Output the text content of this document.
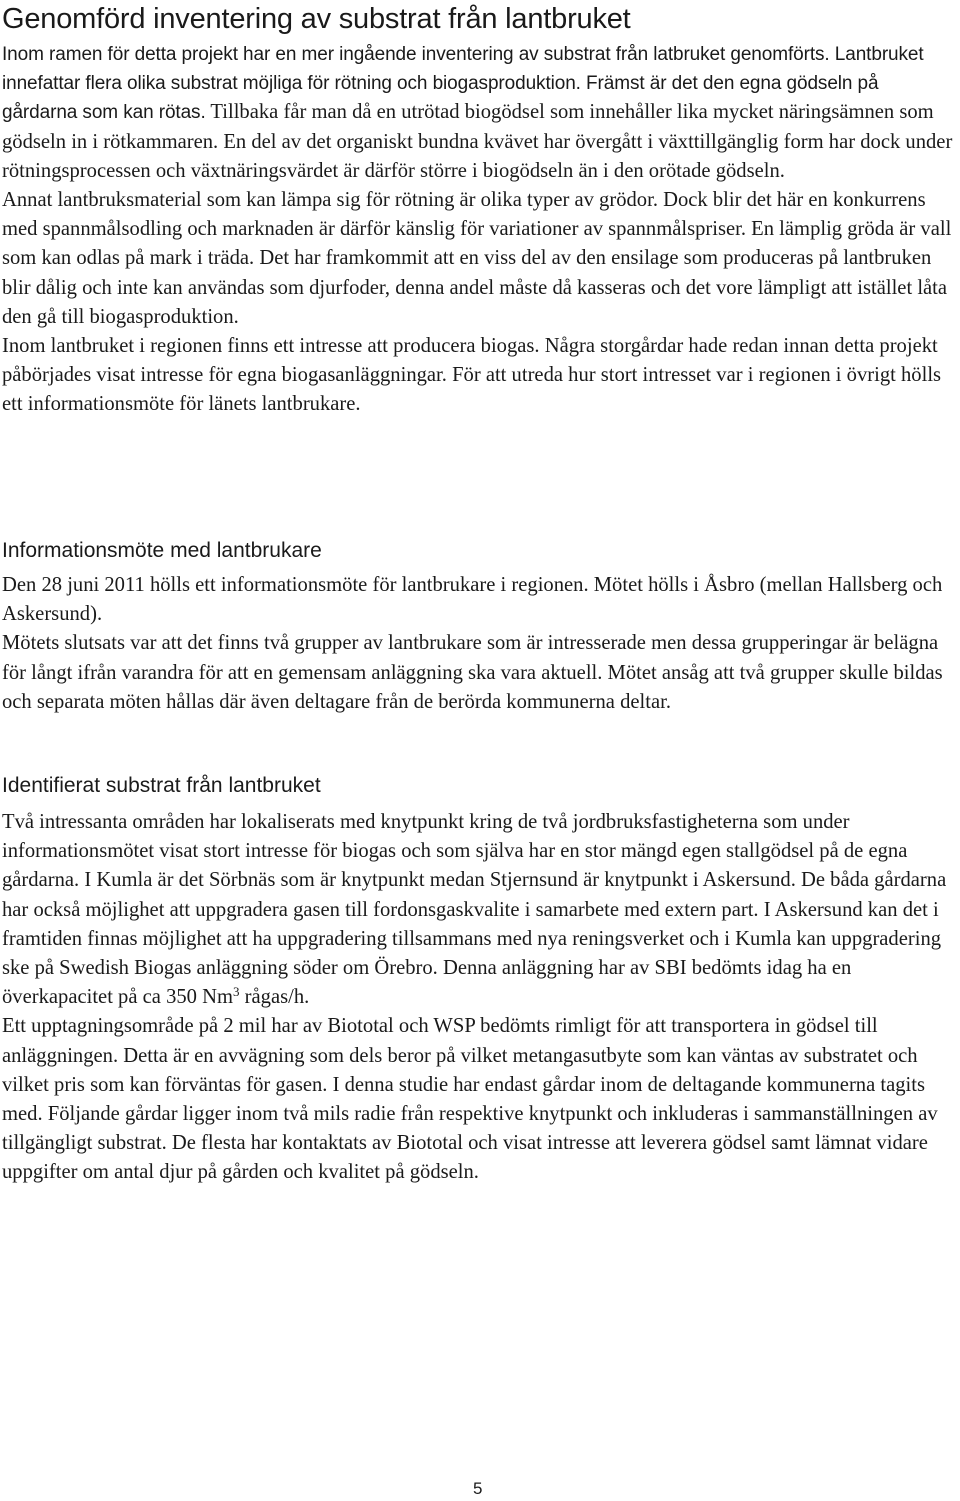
Genomförd inventering av substrat från lantbruket

Inom ramen för detta projekt har en mer ingående inventering av substrat från latbruket genomförts. Lantbruket innefattar flera olika substrat möjliga för rötning och biogasproduktion. Främst är det den egna gödseln på gårdarna som kan rötas. Tillbaka får man då en utrötad biogödsel som innehåller lika mycket näringsämnen som gödseln in i rötkammaren. En del av det organiskt bundna kvävet har övergått i växttillgänglig form har dock under rötningsprocessen och växtnäringsvärdet är därför större i biogödseln än i den orötade gödseln.

Annat lantbruksmaterial som kan lämpa sig för rötning är olika typer av grödor. Dock blir det här en konkurrens med spannmålsodling och marknaden är därför känslig för variationer av spannmålspriser. En lämplig gröda är vall som kan odlas på mark i träda. Det har framkommit att en viss del av den ensilage som produceras på lantbruken blir dålig och inte kan användas som djurfoder, denna andel måste då kasseras och det vore lämpligt att istället låta den gå till biogasproduktion.

Inom lantbruket i regionen finns ett intresse att producera biogas. Några storgårdar hade redan innan detta projekt påbörjades visat intresse för egna biogasanläggningar. För att utreda hur stort intresset var i regionen i övrigt hölls ett informationsmöte för länets lantbrukare.

Informationsmöte med lantbrukare

Den 28 juni 2011 hölls ett informationsmöte för lantbrukare i regionen. Mötet hölls i Åsbro (mellan Hallsberg och Askersund).

Mötets slutsats var att det finns två grupper av lantbrukare som är intresserade men dessa grupperingar är belägna för långt ifrån varandra för att en gemensam anläggning ska vara aktuell. Mötet ansåg att två grupper skulle bildas och separata möten hållas där även deltagare från de berörda kommunerna deltar.

Identifierat substrat från lantbruket

Två intressanta områden har lokaliserats med knytpunkt kring de två jordbruksfastigheterna som under informationsmötet visat stort intresse för biogas och som själva har en stor mängd egen stallgödsel på de egna gårdarna. I Kumla är det Sörbnäs som är knytpunkt medan Stjernsund är knytpunkt i Askersund. De båda gårdarna har också möjlighet att uppgradera gasen till fordonsgaskvalite i samarbete med extern part. I Askersund kan det i framtiden finnas möjlighet att ha uppgradering tillsammans med nya reningsverket och i Kumla kan uppgradering ske på Swedish Biogas anläggning söder om Örebro. Denna anläggning har av SBI bedömts idag ha en överkapacitet på ca 350 Nm$^3$ rågas/h.

Ett upptagningsområde på 2 mil har av Biototal och WSP bedömts rimligt för att transportera in gödsel till anläggningen. Detta är en avvägning som dels beror på vilket metangasutbyte som kan väntas av substratet och vilket pris som kan förväntas för gasen. I denna studie har endast gårdar inom de deltagande kommunerna tagits med. Följande gårdar ligger inom två mils radie från respektive knytpunkt och inkluderas i sammanställningen av tillgängligt substrat. De flesta har kontaktats av Biototal och visat intresse att leverera gödsel samt lämnat vidare uppgifter om antal djur på gården och kvalitet på gödseln.

5
